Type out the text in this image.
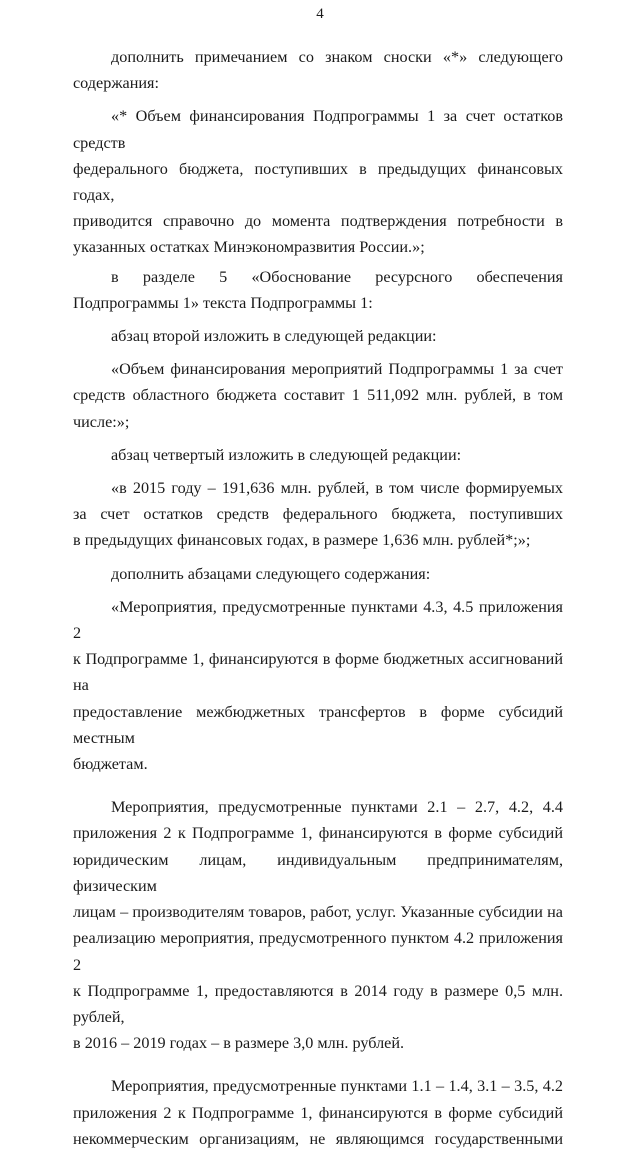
4
дополнить примечанием со знаком сноски «*» следующего
содержания:
«* Объем финансирования Подпрограммы 1 за счет остатков средств
федерального бюджета, поступивших в предыдущих финансовых годах,
приводится справочно до момента подтверждения потребности в
указанных остатках Минэкономразвития России.»;
в разделе 5 «Обоснование ресурсного обеспечения
Подпрограммы 1» текста Подпрограммы 1:
абзац второй изложить в следующей редакции:
«Объем финансирования мероприятий Подпрограммы 1 за счет
средств областного бюджета составит 1 511,092 млн. рублей, в том
числе:»;
абзац четвертый изложить в следующей редакции:
«в 2015 году – 191,636 млн. рублей, в том числе формируемых
за счет остатков средств федерального бюджета, поступивших
в предыдущих финансовых годах, в размере 1,636 млн. рублей*;»;
дополнить абзацами следующего содержания:
«Мероприятия, предусмотренные пунктами 4.3, 4.5 приложения 2
к Подпрограмме 1, финансируются в форме бюджетных ассигнований на
предоставление межбюджетных трансфертов в форме субсидий местным
бюджетам.
Мероприятия, предусмотренные пунктами 2.1 – 2.7, 4.2, 4.4
приложения 2 к Подпрограмме 1, финансируются в форме субсидий
юридическим лицам, индивидуальным предпринимателям, физическим
лицам – производителям товаров, работ, услуг. Указанные субсидии на
реализацию мероприятия, предусмотренного пунктом 4.2 приложения 2
к Подпрограмме 1, предоставляются в 2014 году в размере 0,5 млн. рублей,
в 2016 – 2019 годах – в размере 3,0 млн. рублей.
Мероприятия, предусмотренные пунктами 1.1 – 1.4, 3.1 – 3.5, 4.2
приложения 2 к Подпрограмме 1, финансируются в форме субсидий
некоммерческим организациям, не являющимся государственными
